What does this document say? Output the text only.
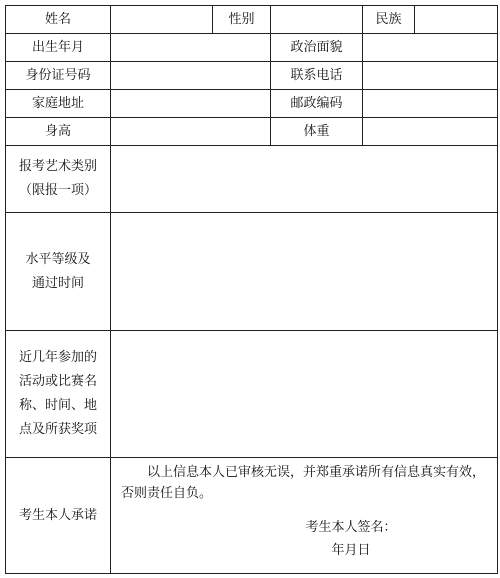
姓名		性别		民族	
出生年月			政治面貌		
身份证号码			联系电话		
家庭地址			邮政编码		
身高			体重		

报考艺术类别
（限报一项）					

水平等级及
通过时间					

近几年参加的
活动或比赛名
称、时间、地
点及所获奖项					

考生本人承诺	以上信息本人已审核无误，并郑重承诺所有信息真实有效，否则责任自负。
考生本人签名：
年月日				
